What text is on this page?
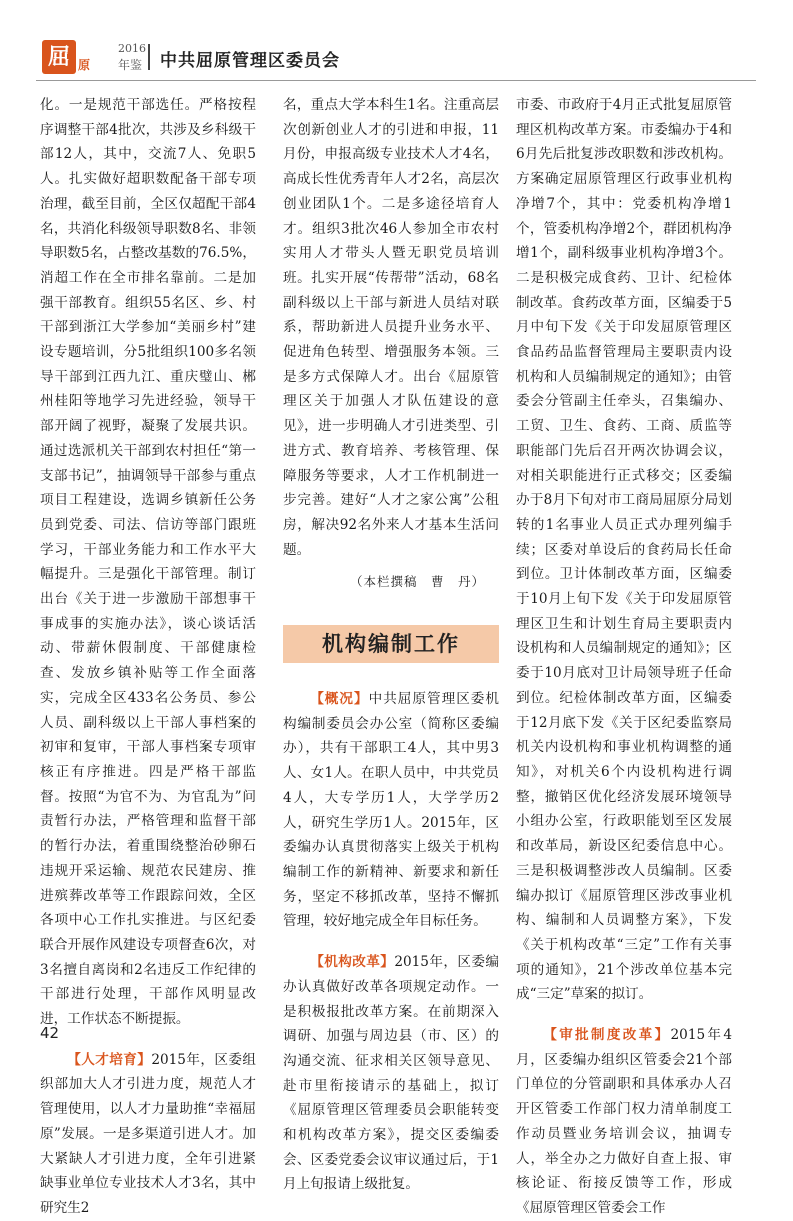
屈 原
2016
年鉴 中共屈原管理区委员会

化。一是规范干部选任。严格按程序调整干部4批次，共涉及乡科级干部12人，其中，交流7人、免职5人。扎实做好超职数配备干部专项治理，截至目前，全区仅超配干部4名，共消化科级领导职数8名、非领导职数5名，占整改基数的76.5%，消超工作在全市排名靠前。二是加强干部教育。组织55名区、乡、村干部到浙江大学参加“美丽乡村”建设专题培训，分5批组织100多名领导干部到江西九江、重庆璧山、郴州桂阳等地学习先进经验，领导干部开阔了视野，凝聚了发展共识。通过选派机关干部到农村担任“第一支部书记”，抽调领导干部参与重点项目工程建设，选调乡镇新任公务员到党委、司法、信访等部门跟班学习，干部业务能力和工作水平大幅提升。三是强化干部管理。制订出台《关于进一步激励干部想事干事成事的实施办法》，谈心谈话活动、带薪休假制度、干部健康检查、发放乡镇补贴等工作全面落实，完成全区433名公务员、参公人员、副科级以上干部人事档案的初审和复审，干部人事档案专项审核正有序推进。四是严格干部监督。按照“为官不为、为官乱为”问责暂行办法，严格管理和监督干部的暂行办法，着重围绕整治砂卵石违规开采运输、规范农民建房、推进殡葬改革等工作跟踪问效，全区各项中心工作扎实推进。与区纪委联合开展作风建设专项督查6次，对3名擅自离岗和2名违反工作纪律的干部进行处理，干部作风明显改进，工作状态不断提振。

【人才培育】2015年，区委组织部加大人才引进力度，规范人才管理使用，以人才力量助推“幸福屈原”发展。一是多渠道引进人才。加大紧缺人才引进力度，全年引进紧缺事业单位专业技术人才3名，其中研究生2

名，重点大学本科生1名。注重高层次创新创业人才的引进和申报，11月份，申报高级专业技术人才4名，高成长性优秀青年人才2名，高层次创业团队1个。二是多途径培育人才。组织3批次46人参加全市农村实用人才带头人暨无职党员培训班。扎实开展“传帮带”活动，68名副科级以上干部与新进人员结对联系，帮助新进人员提升业务水平、促进角色转型、增强服务本领。三是多方式保障人才。出台《屈原管理区关于加强人才队伍建设的意见》，进一步明确人才引进类型、引进方式、教育培养、考核管理、保障服务等要求，人才工作机制进一步完善。建好“人才之家公寓”公租房，解决92名外来人才基本生活问题。

（本栏撰稿　曹　丹）
机构编制工作

【概况】中共屈原管理区委机构编制委员会办公室（简称区委编办），共有干部职工4人，其中男3人、女1人。在职人员中，中共党员4人，大专学历1人，大学学历2人，研究生学历1人。2015年，区委编办认真贯彻落实上级关于机构编制工作的新精神、新要求和新任务，坚定不移抓改革，坚持不懈抓管理，较好地完成全年目标任务。

【机构改革】2015年，区委编办认真做好改革各项规定动作。一是积极报批改革方案。在前期深入调研、加强与周边县（市、区）的沟通交流、征求相关区领导意见、赴市里衔接请示的基础上，拟订《屈原管理区管理委员会职能转变和机构改革方案》，提交区委编委会、区委党委会议审议通过后，于1月上旬报请上级批复。

市委、市政府于4月正式批复屈原管理区机构改革方案。市委编办于4和6月先后批复涉改职数和涉改机构。方案确定屈原管理区行政事业机构净增7个，其中：党委机构净增1个，管委机构净增2个，群团机构净增1个，副科级事业机构净增3个。二是积极完成食药、卫计、纪检体制改革。食药改革方面，区编委于5月中旬下发《关于印发屈原管理区食品药品监督管理局主要职责内设机构和人员编制规定的通知》；由管委会分管副主任牵头，召集编办、工贸、卫生、食药、工商、质监等职能部门先后召开两次协调会议，对相关职能进行正式移交；区委编办于8月下旬对市工商局屈原分局划转的1名事业人员正式办理列编手续；区委对单设后的食药局长任命到位。卫计体制改革方面，区编委于10月上旬下发《关于印发屈原管理区卫生和计划生育局主要职责内设机构和人员编制规定的通知》；区委于10月底对卫计局领导班子任命到位。纪检体制改革方面，区编委于12月底下发《关于区纪委监察局机关内设机构和事业机构调整的通知》，对机关6个内设机构进行调整，撤销区优化经济发展环境领导小组办公室，行政职能划至区发展和改革局，新设区纪委信息中心。三是积极调整涉改人员编制。区委编办拟订《屈原管理区涉改事业机构、编制和人员调整方案》，下发《关于机构改革“三定”工作有关事项的通知》，21个涉改单位基本完成“三定”草案的拟订。

【审批制度改革】2015年4月，区委编办组织区管委会21个部门单位的分管副职和具体承办人召开区管委工作部门权力清单制度工作动员暨业务培训会议，抽调专人，举全办之力做好自查上报、审核论证、衔接反馈等工作，形成《屈原管理区管委会工作

42
